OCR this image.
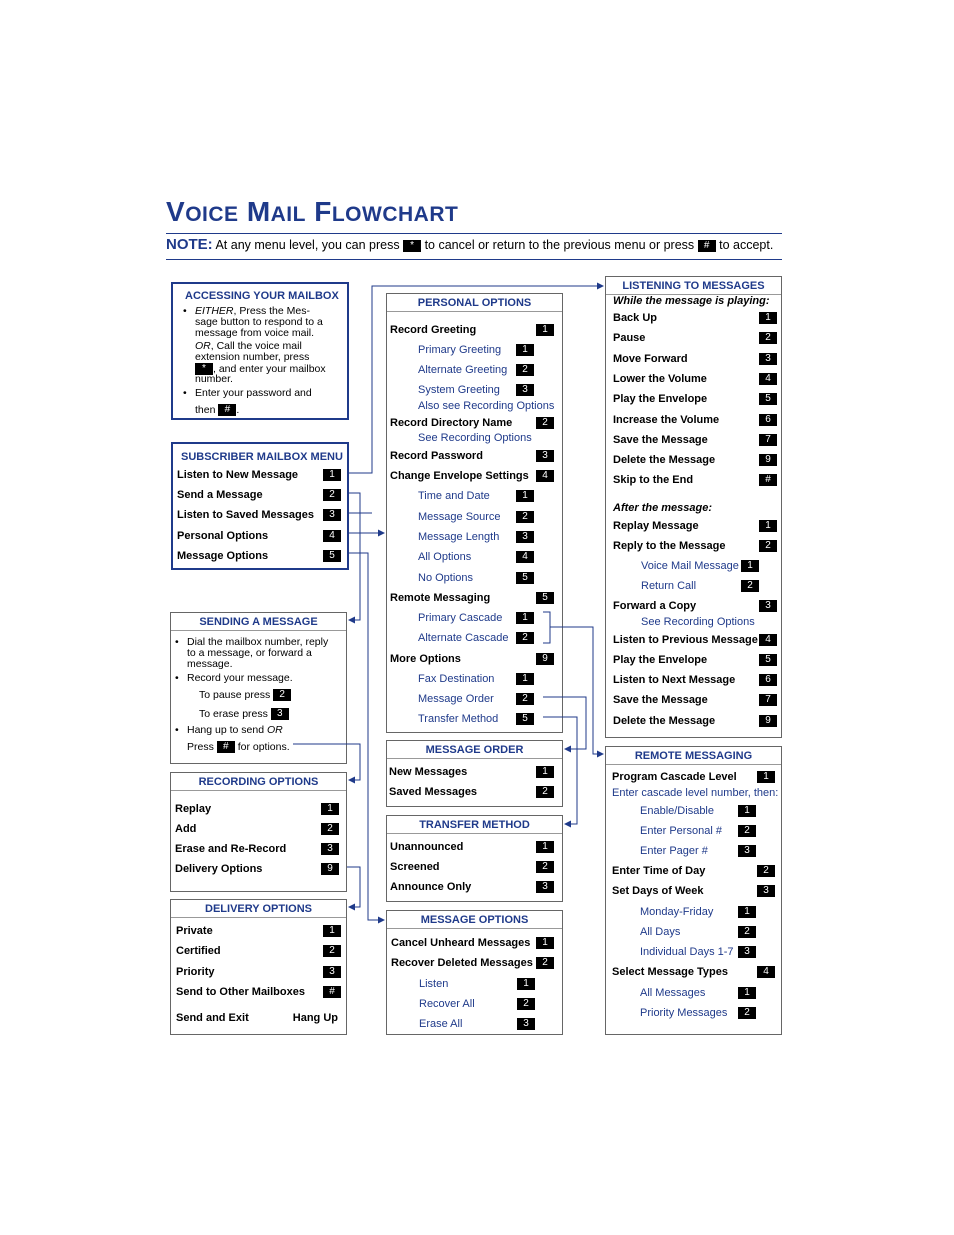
VOICE MAIL FLOWCHART
NOTE: At any menu level, you can press * to cancel or return to the previous menu or press # to accept.
ACCESSING YOUR MAILBOX
• EITHER, Press the Mes-
sage button to respond to a
message from voice mail.
OR, Call the voice mail
extension number, press
* , and enter your mailbox
number.
• Enter your password and
then # .
SUBSCRIBER MAILBOX MENU
Listen to New Message	1
Send a Message	2
Listen to Saved Messages	3
Personal Options	4
Message Options	5
SENDING A MESSAGE
• Dial the mailbox number, reply
to a message, or forward a
message.
• Record your message.
To pause press 2
To erase press 3
• Hang up to send OR
Press # for options.
RECORDING OPTIONS
Replay	1
Add	2
Erase and Re-Record	3
Delivery Options	9
DELIVERY OPTIONS
Private	1
Certified	2
Priority	3
Send to Other Mailboxes	#
Send and Exit	Hang Up
PERSONAL OPTIONS
Record Greeting	1
Primary Greeting	1
Alternate Greeting	2
System Greeting	3
Also see Recording Options
Record Directory Name	2
See Recording Options
Record Password	3
Change Envelope Settings	4
Time and Date	1
Message Source	2
Message Length	3
All Options	4
No Options	5
Remote Messaging	5
Primary Cascade	1
Alternate Cascade	2
More Options	9
Fax Destination	1
Message Order	2
Transfer Method	5
MESSAGE ORDER
New Messages	1
Saved Messages	2
TRANSFER METHOD
Unannounced	1
Screened	2
Announce Only	3
MESSAGE OPTIONS
Cancel Unheard Messages	1
Recover Deleted Messages 2
Listen	1
Recover All	2
Erase All	3
LISTENING TO MESSAGES
While the message is playing:
Back Up	1
Pause	2
Move Forward	3
Lower the Volume	4
Play the Envelope	5
Increase the Volume	6
Save the Message	7
Delete the Message	9
Skip to the End	#
After the message:
Replay Message	1
Reply to the Message	2
Voice Mail Message 1
Return Call	2
Forward a Copy	3
See Recording Options
Listen to Previous Message 4
Play the Envelope	5
Listen to Next Message	6
Save the Message	7
Delete the Message	9
REMOTE MESSAGING
Program Cascade Level	1
Enter cascade level number, then:
Enable/Disable	1
Enter Personal #	2
Enter Pager #	3
Enter Time of Day	2
Set Days of Week	3
Monday-Friday	1
All Days	2
Individual Days 1-7	3
Select Message Types	4
All Messages	1
Priority Messages	2
